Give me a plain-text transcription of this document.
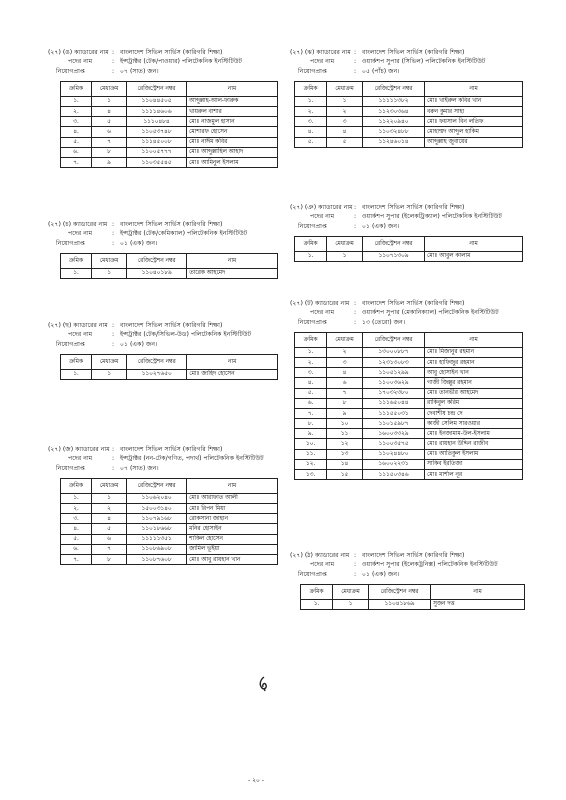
(২৭) (ঙ) ক্যাডারের নাম : বাংলাদেশ সিভিল সার্ভিস (কারিগরি শিক্ষা)
পদের নাম	: ইন্সট্রাক্টর (টেক/পাওয়ার) পলিটেকনিক ইনস্টিটিউট
নিয়োগপ্রাপ্ত	: ০৭ (সাত) জন।
ক্রমিক	মেধাক্রম	রেজিস্ট্রেশন নম্বর	নাম
১.	১	১১০৪৪৫০৫	আব্দুল্লাহ-আল-ফারুক
২.	৪	১১১১৪৬০৬	খায়রুল বাশার
৩.	৫	১১১০৪৮৪	মোঃ নাজমুল হাসান
৪.	৬	১১০৫৩৭৪৮	মোশারফ হোসেন
৫.	৭	১১১৪৫০০৮	মোঃ নাঈম কবির
৬.	৮	১১০০৫৭৭৭	মোঃ আব্দুল্লাহিল আহাদ
৭.	৯	১১০৩৫৫৪৫	মোঃ আমিনুল ইসলাম
(২৭) (চ) ক্যাডারের নাম : বাংলাদেশ সিভিল সার্ভিস (কারিগরি শিক্ষা)
পদের নাম	: ইন্সট্রাক্টর (টেক/কেমিক্যাল) পলিটেকনিক ইনস্টিটিউট
নিয়োগপ্রাপ্ত	: ০১ (এক) জন।
ক্রমিক	মেধাক্রম	রেজিস্ট্রেশন নম্বর	নাম
১.	১	১১০৪০১৮৯	তারেক আহমেদ
(২৭) (ছ) ক্যাডারের নাম : বাংলাদেশ সিভিল সার্ভিস (কারিগরি শিক্ষা)
পদের নাম	: ইন্সট্রাক্টর (টেক/সিভিল-উড) পলিটেকনিক ইনস্টিটিউট
নিয়োগপ্রাপ্ত	: ০১ (এক) জন।
ক্রমিক	মেধাক্রম	রেজিস্ট্রেশন নম্বর	নাম
১.	১	১১০২৭৬৫০	মোঃ জাহিদ হোসেন
(২৭) (জ) ক্যাডারের নাম : বাংলাদেশ সিভিল সার্ভিস (কারিগরি শিক্ষা)
পদের নাম	: ইন্সট্রাক্টর (নন-টেক/গণিত, পদার্থ) পলিটেকনিক ইনস্টিটিউট
নিয়োগপ্রাপ্ত	: ০৭ (সাত) জন।
ক্রমিক	মেধাক্রম	রেজিস্ট্রেশন নম্বর	নাম
১.	১	১১০৬২০৪০	মোঃ আরাফাত আলী
২.	২	১৫০০৩১৪০	মোঃ রিপন মিয়া
৩.	৪	১১০৭৯১৬৮	রোকসানা জাহান
৪.	৫	১১০১৮৬৬৮	মনির হোসাইন
৫.	৬	১১১১১৩৫১	শাকিল হোসেন
৬.	৭	১১০৮৬৯০৮	জামিল ভূইয়া
৭.	৮	১১০৮৭৬০৮	মোঃ আবু রায়হান খান
(২৭) (ঝ) ক্যাডারের নাম : বাংলাদেশ সিভিল সার্ভিস (কারিগরি শিক্ষা)
পদের নাম	: ওয়ার্কশপ সুপার (সিভিল) পলিটেকনিক ইনস্টিটিউট
নিয়োগপ্রাপ্ত	: ০৫ (পাঁচ) জন।
ক্রমিক	মেধাক্রম	রেজিস্ট্রেশন নম্বর	নাম
১.	১	১১১১১৩৮২	মোঃ খাইরুল কবির খান
২.	২	১১২৩০৩৬৪	বরুন কুমার সাহা
৩.	৩	১১২২০৯৪০	মোঃ ফয়সাল বিন লতিফ
৪.	৪	১১০৩২৪৮৮	মোহাম্মদ আব্দুল হাকিম
৫.	৫	১১২৪৬০১৪	আব্দুল্লাহ জুবায়ের
(২৭) (ঞ) ক্যাডারের নাম : বাংলাদেশ সিভিল সার্ভিস (কারিগরি শিক্ষা)
পদের নাম	: ওয়ার্কশপ সুপার (ইলেকট্রিক্যাল) পলিটেকনিক ইনস্টিটিউট
নিয়োগপ্রাপ্ত	: ০১ (এক) জন।
ক্রমিক	মেধাক্রম	রেজিস্ট্রেশন নম্বর	নাম
১.	১	১১০৭১৩০৯	মোঃ আবুল কালাম
(২৭) (ট) ক্যাডারের নাম : বাংলাদেশ সিভিল সার্ভিস (কারিগরি শিক্ষা)
পদের নাম	: ওয়ার্কশপ সুপার (মেকানিক্যাল) পলিটেকনিক ইনস্টিটিউট
নিয়োগপ্রাপ্ত	: ১৩ (তেরো) জন।
ক্রমিক	মেধাক্রম	রেজিস্ট্রেশন নম্বর	নাম
১.	২	১৩০০০৮৮৭	মোঃ মিজানুর রহমান
২.	৩	১২৩১৩০৮৩	মোঃ হাফিজুর রহমান
৩.	৪	১১০৫১২৯৯	আবু হোসাইন খান
৪.	৬	১১০০৩৬২৯	গাজী জিল্লুর রহমান
৫.	৭	১৭০৩২৩৮০	মোঃ তানভীর আহমেদ
৬.	৮	১১১৬৫০৪৪	রাকিবুল করিম
৭.	৯	১১১৫৫০৩১	দেবাশীষ চন্দ্র দে
৮.	১০	১১০১৫৯৮৭	কাজী সেলিম সারওয়ার
৯.	১১	১৬০০৩৩২৯	মোঃ ইনজামাম-উল-ইসলাম
১০.	১২	১১০০৩৫৭৫	মোঃ রায়হান উদ্দিন রাজীব
১১.	১৩	১১০২৪৪৮০	মোঃ আতিকুল ইসলাম
১২.	১৪	১৬০০২২৩১	সাকিব ইরতিজা
১৩.	১৫	১১১৫০৩৪৬	মোঃ মার্শাল নূর
(২৭) (ঠ) ক্যাডারের নাম : বাংলাদেশ সিভিল সার্ভিস (কারিগরি শিক্ষা)
পদের নাম	: ওয়ার্কশপ সুপার (ইলেকট্রনিক্স) পলিটেকনিক ইনস্টিটিউট
নিয়োগপ্রাপ্ত	: ০১ (এক) জন।
ক্রমিক	মেধাক্রম	রেজিস্ট্রেশন নম্বর	নাম
১.	১	১১০৪১৮৬৯	সুজন দত্ত
- ২০ -
